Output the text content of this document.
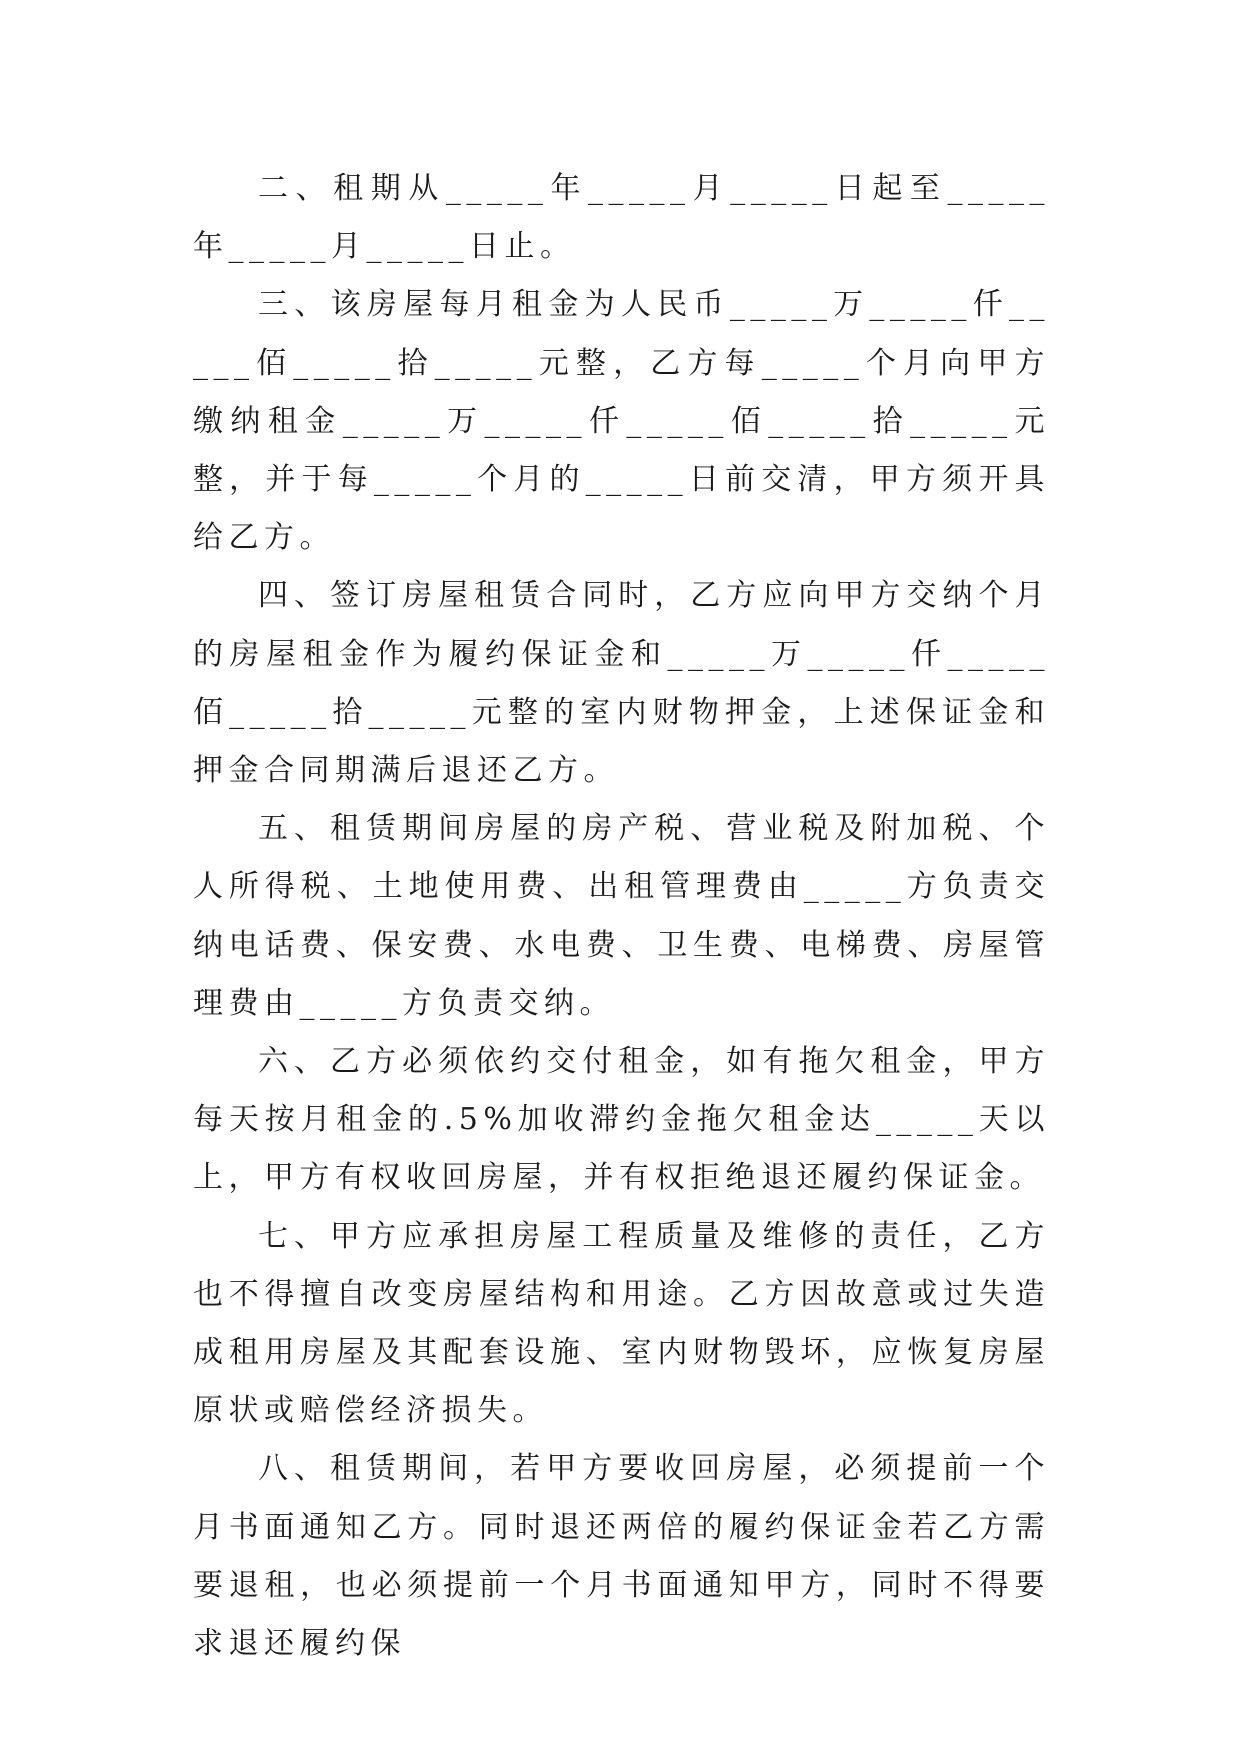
二、租期从_____年_____月_____日起至_____年_____月_____日止。

三、该房屋每月租金为人民币_____万_____仟_____佰_____拾_____元整，乙方每_____个月向甲方缴纳租金_____万_____仟_____佰_____拾_____元整，并于每_____个月的_____日前交清，甲方须开具给乙方。

四、签订房屋租赁合同时，乙方应向甲方交纳个月的房屋租金作为履约保证金和_____万_____仟_____佰_____拾_____元整的室内财物押金，上述保证金和押金合同期满后退还乙方。

五、租赁期间房屋的房产税、营业税及附加税、个人所得税、土地使用费、出租管理费由_____方负责交纳电话费、保安费、水电费、卫生费、电梯费、房屋管理费由_____方负责交纳。

六、乙方必须依约交付租金，如有拖欠租金，甲方每天按月租金的.5%加收滞约金拖欠租金达_____天以上，甲方有权收回房屋，并有权拒绝退还履约保证金。

七、甲方应承担房屋工程质量及维修的责任，乙方也不得擅自改变房屋结构和用途。乙方因故意或过失造成租用房屋及其配套设施、室内财物毁坏，应恢复房屋原状或赔偿经济损失。

八、租赁期间，若甲方要收回房屋，必须提前一个月书面通知乙方。同时退还两倍的履约保证金若乙方需要退租，也必须提前一个月书面通知甲方，同时不得要求退还履约保
